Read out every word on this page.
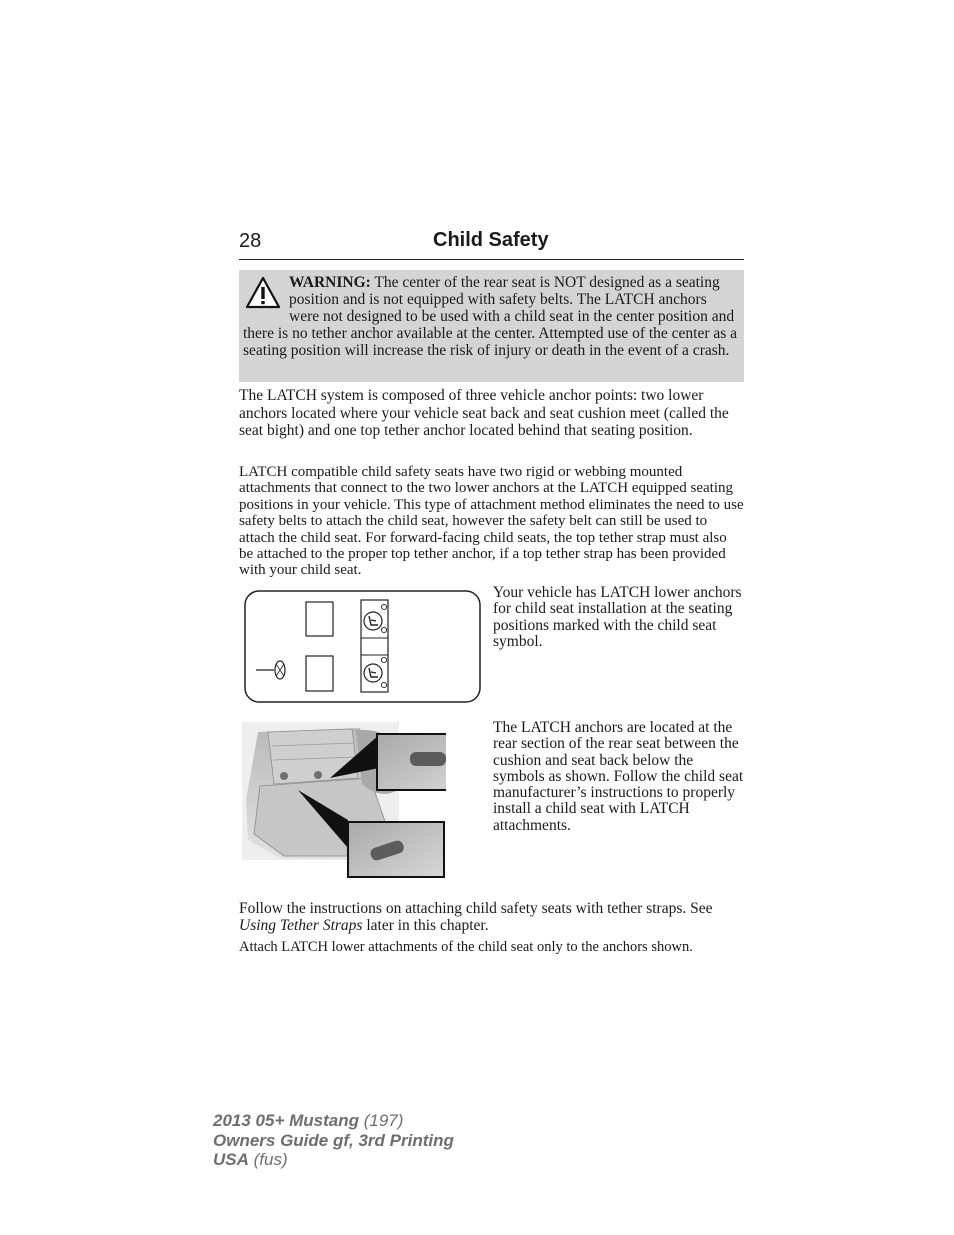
28	Child Safety
WARNING: The center of the rear seat is NOT designed as a seating position and is not equipped with safety belts. The LATCH anchors were not designed to be used with a child seat in the center position and there is no tether anchor available at the center. Attempted use of the center as a seating position will increase the risk of injury or death in the event of a crash.
The LATCH system is composed of three vehicle anchor points: two lower anchors located where your vehicle seat back and seat cushion meet (called the seat bight) and one top tether anchor located behind that seating position.
LATCH compatible child safety seats have two rigid or webbing mounted attachments that connect to the two lower anchors at the LATCH equipped seating positions in your vehicle. This type of attachment method eliminates the need to use safety belts to attach the child seat, however the safety belt can still be used to attach the child seat. For forward-facing child seats, the top tether strap must also be attached to the proper top tether anchor, if a top tether strap has been provided with your child seat.
Your vehicle has LATCH lower anchors for child seat installation at the seating positions marked with the child seat symbol.
The LATCH anchors are located at the rear section of the rear seat between the cushion and seat back below the symbols as shown. Follow the child seat manufacturer’s instructions to properly install a child seat with LATCH attachments.
Follow the instructions on attaching child safety seats with tether straps. See Using Tether Straps later in this chapter.
Attach LATCH lower attachments of the child seat only to the anchors shown.
2013 05+ Mustang (197)
Owners Guide gf, 3rd Printing
USA (fus)
